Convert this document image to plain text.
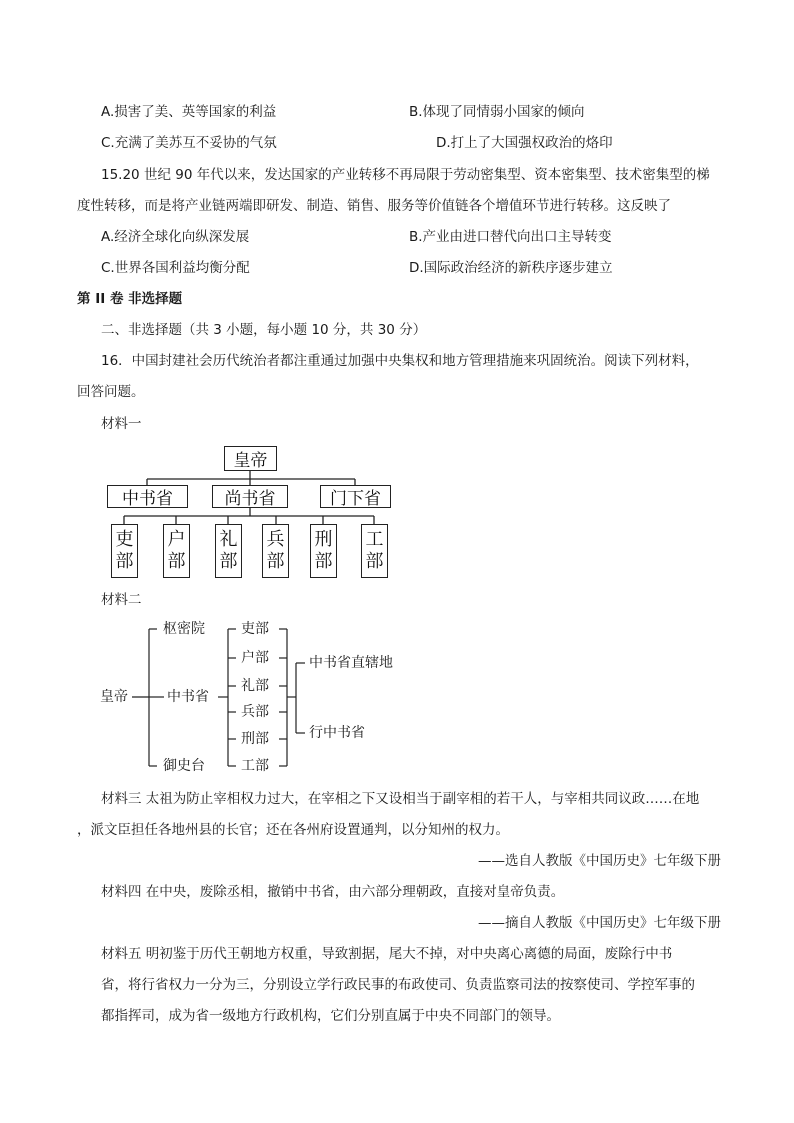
A.损害了美、英等国家的利益	B.体现了同情弱小国家的倾向
C.充满了美苏互不妥协的气氛	D.打上了大国强权政治的烙印
15.20 世纪 90 年代以来，发达国家的产业转移不再局限于劳动密集型、资本密集型、技术密集型的梯
度性转移，而是将产业链两端即研发、制造、销售、服务等价值链各个增值环节进行转移。这反映了
A.经济全球化向纵深发展	B.产业由进口替代向出口主导转变
C.世界各国利益均衡分配	D.国际政治经济的新秩序逐步建立
第 II 卷 非选择题
二、非选择题（共 3 小题，每小题 10 分，共 30 分）
16．中国封建社会历代统治者都注重通过加强中央集权和地方管理措施来巩固统治。阅读下列材料，
回答问题。
材料一
皇帝
中书省	尚书省	门下省
吏
部
户
部
礼
部
兵
部
刑
部
工
部
材料二
皇帝
枢密院
中书省
御史台
吏部
户部
礼部
兵部
刑部
工部
中书省直辖地
行中书省
材料三 太祖为防止宰相权力过大，在宰相之下又设相当于副宰相的若干人，与宰相共同议政……在地
，派文臣担任各地州县的长官；还在各州府设置通判，以分知州的权力。
——选自人教版《中国历史》七年级下册
材料四 在中央，废除丞相，撤销中书省，由六部分理朝政，直接对皇帝负责。
——摘自人教版《中国历史》七年级下册
材料五 明初鉴于历代王朝地方权重，导致割据，尾大不掉，对中央离心离德的局面，废除行中书
省，将行省权力一分为三，分别设立学行政民事的布政使司、负责监察司法的按察使司、学控军事的
都指挥司，成为省一级地方行政机构，它们分别直属于中央不同部门的领导。
